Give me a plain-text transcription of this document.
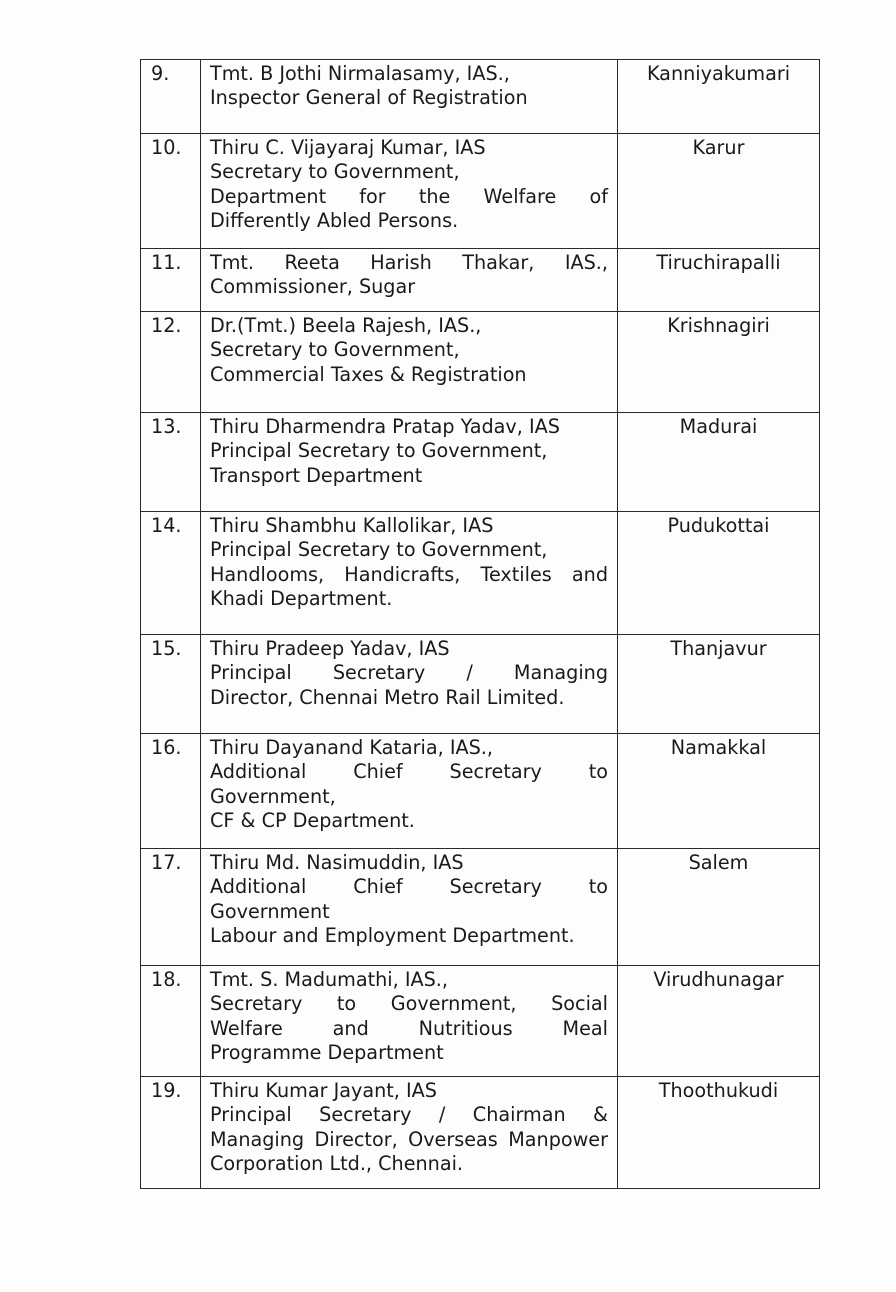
9.	Tmt. B Jothi Nirmalasamy, IAS.,
Inspector General of Registration	Kanniyakumari
10.	Thiru C. Vijayaraj Kumar, IAS
Secretary to Government,
Department for the Welfare of
Differently Abled Persons.	Karur
11.	Tmt. Reeta Harish Thakar, IAS.,
Commissioner, Sugar	Tiruchirapalli
12.	Dr.(Tmt.) Beela Rajesh, IAS.,
Secretary to Government,
Commercial Taxes & Registration	Krishnagiri
13.	Thiru Dharmendra Pratap Yadav, IAS
Principal Secretary to Government,
Transport Department	Madurai
14.	Thiru Shambhu Kallolikar, IAS
Principal Secretary to Government,
Handlooms, Handicrafts, Textiles and
Khadi Department.	Pudukottai
15.	Thiru Pradeep Yadav, IAS
Principal Secretary / Managing
Director, Chennai Metro Rail Limited.	Thanjavur
16.	Thiru Dayanand Kataria, IAS.,
Additional Chief Secretary to
Government,
CF & CP Department.	Namakkal
17.	Thiru Md. Nasimuddin, IAS
Additional Chief Secretary to
Government
Labour and Employment Department.	Salem
18.	Tmt. S. Madumathi, IAS.,
Secretary to Government, Social
Welfare and Nutritious Meal
Programme Department	Virudhunagar
19.	Thiru Kumar Jayant, IAS
Principal Secretary / Chairman &
Managing Director, Overseas Manpower
Corporation Ltd., Chennai.	Thoothukudi
